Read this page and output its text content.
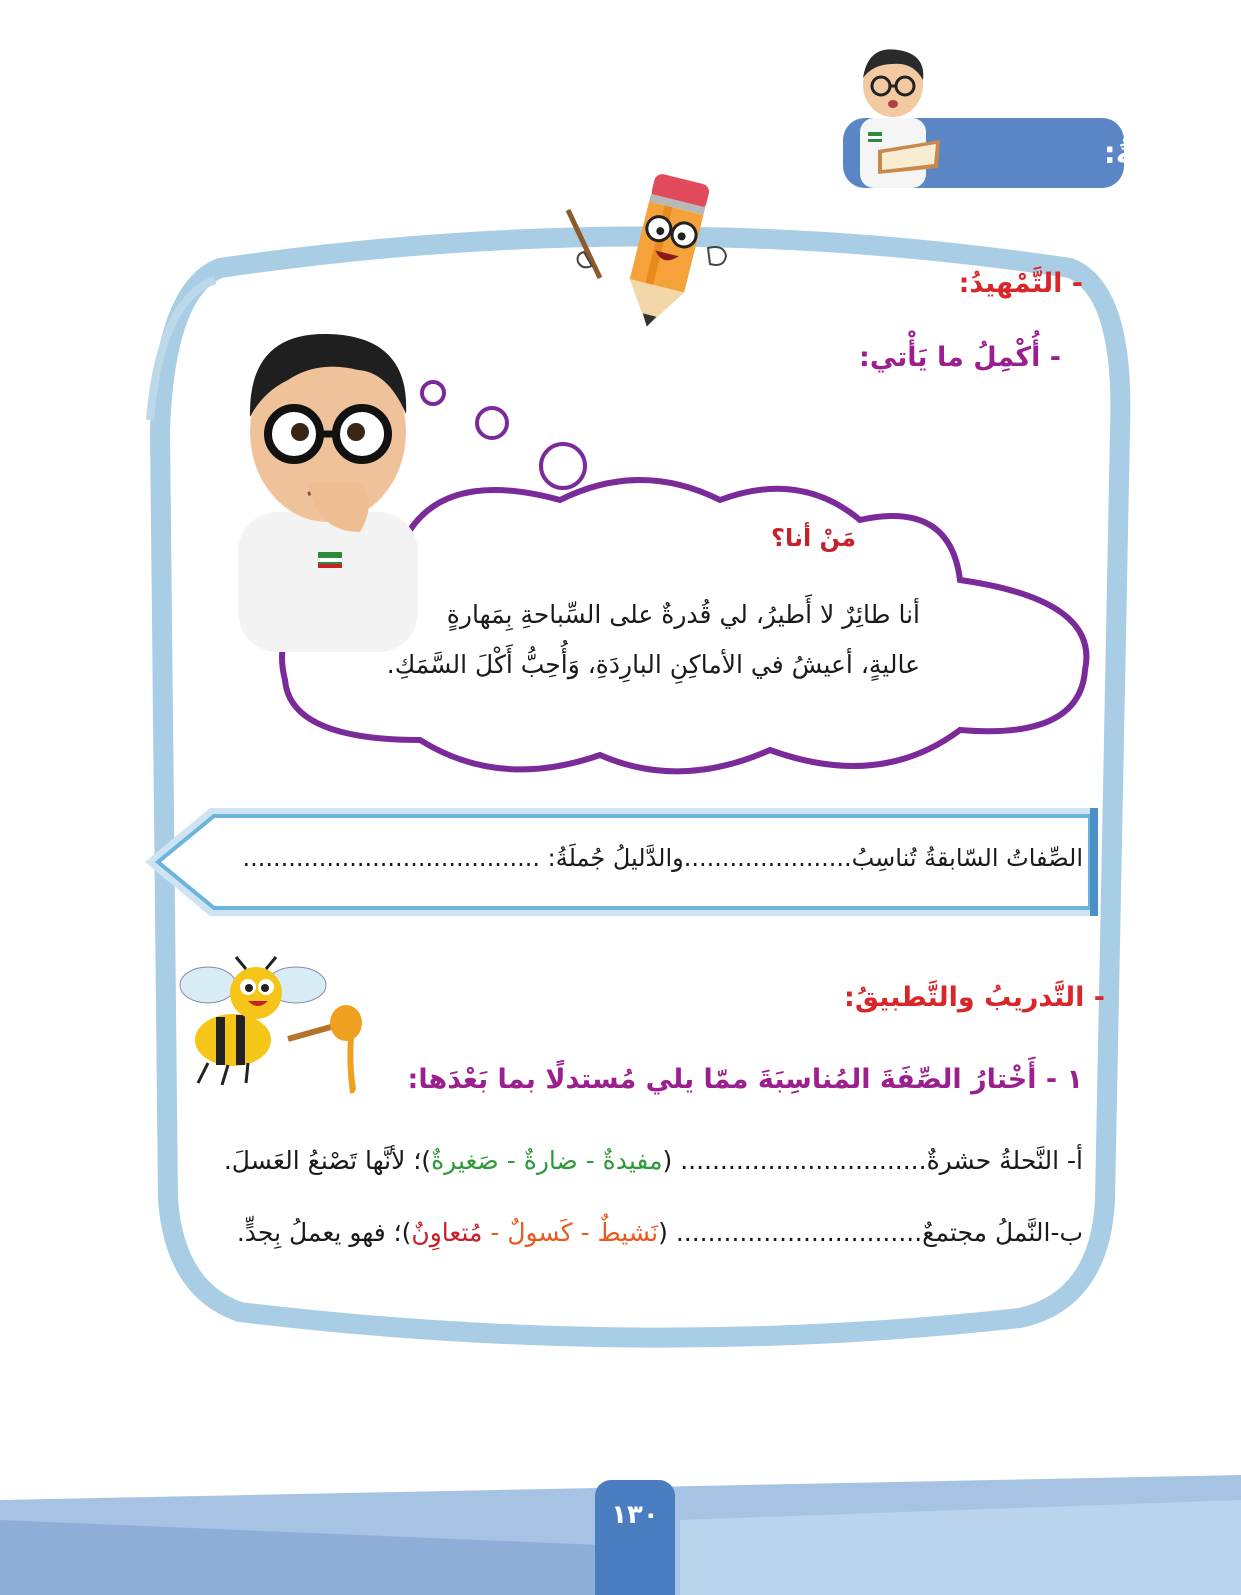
البَلاغَةُ:
- التَّمْهيدُ:
- أُكْمِلُ ما يَأْتي:
مَنْ أنا؟
أنا طائِرٌ لا أَطيرُ، لي قُدرةٌ على السِّباحةِ بِمَهارةٍ
عاليةٍ، أعيشُ في الأماكِنِ البارِدَةِ، وَأُحِبُّ أَكْلَ السَّمَكِ.
الصِّفاتُ السّابقةُ تُناسِبُ......................والدَّليلُ جُملَةُ: .......................................
- التَّدريبُ والتَّطبيقُ:
١ - أَخْتارُ الصِّفَةَ المُناسِبَةَ ممّا يلي مُستدلًا بما بَعْدَها:
أ- النَّحلةُ حشرةٌ............................... (مفيدةٌ - ضارةٌ - صَغيرةٌ)؛ لأنَّها تَصْنعُ العَسلَ.
ب-النَّملُ مجتمعٌ............................... (نَشيطٌ - كَسولٌ - مُتعاوِنٌ)؛ فهو يعملُ بِجدٍّ.
١٣٠
